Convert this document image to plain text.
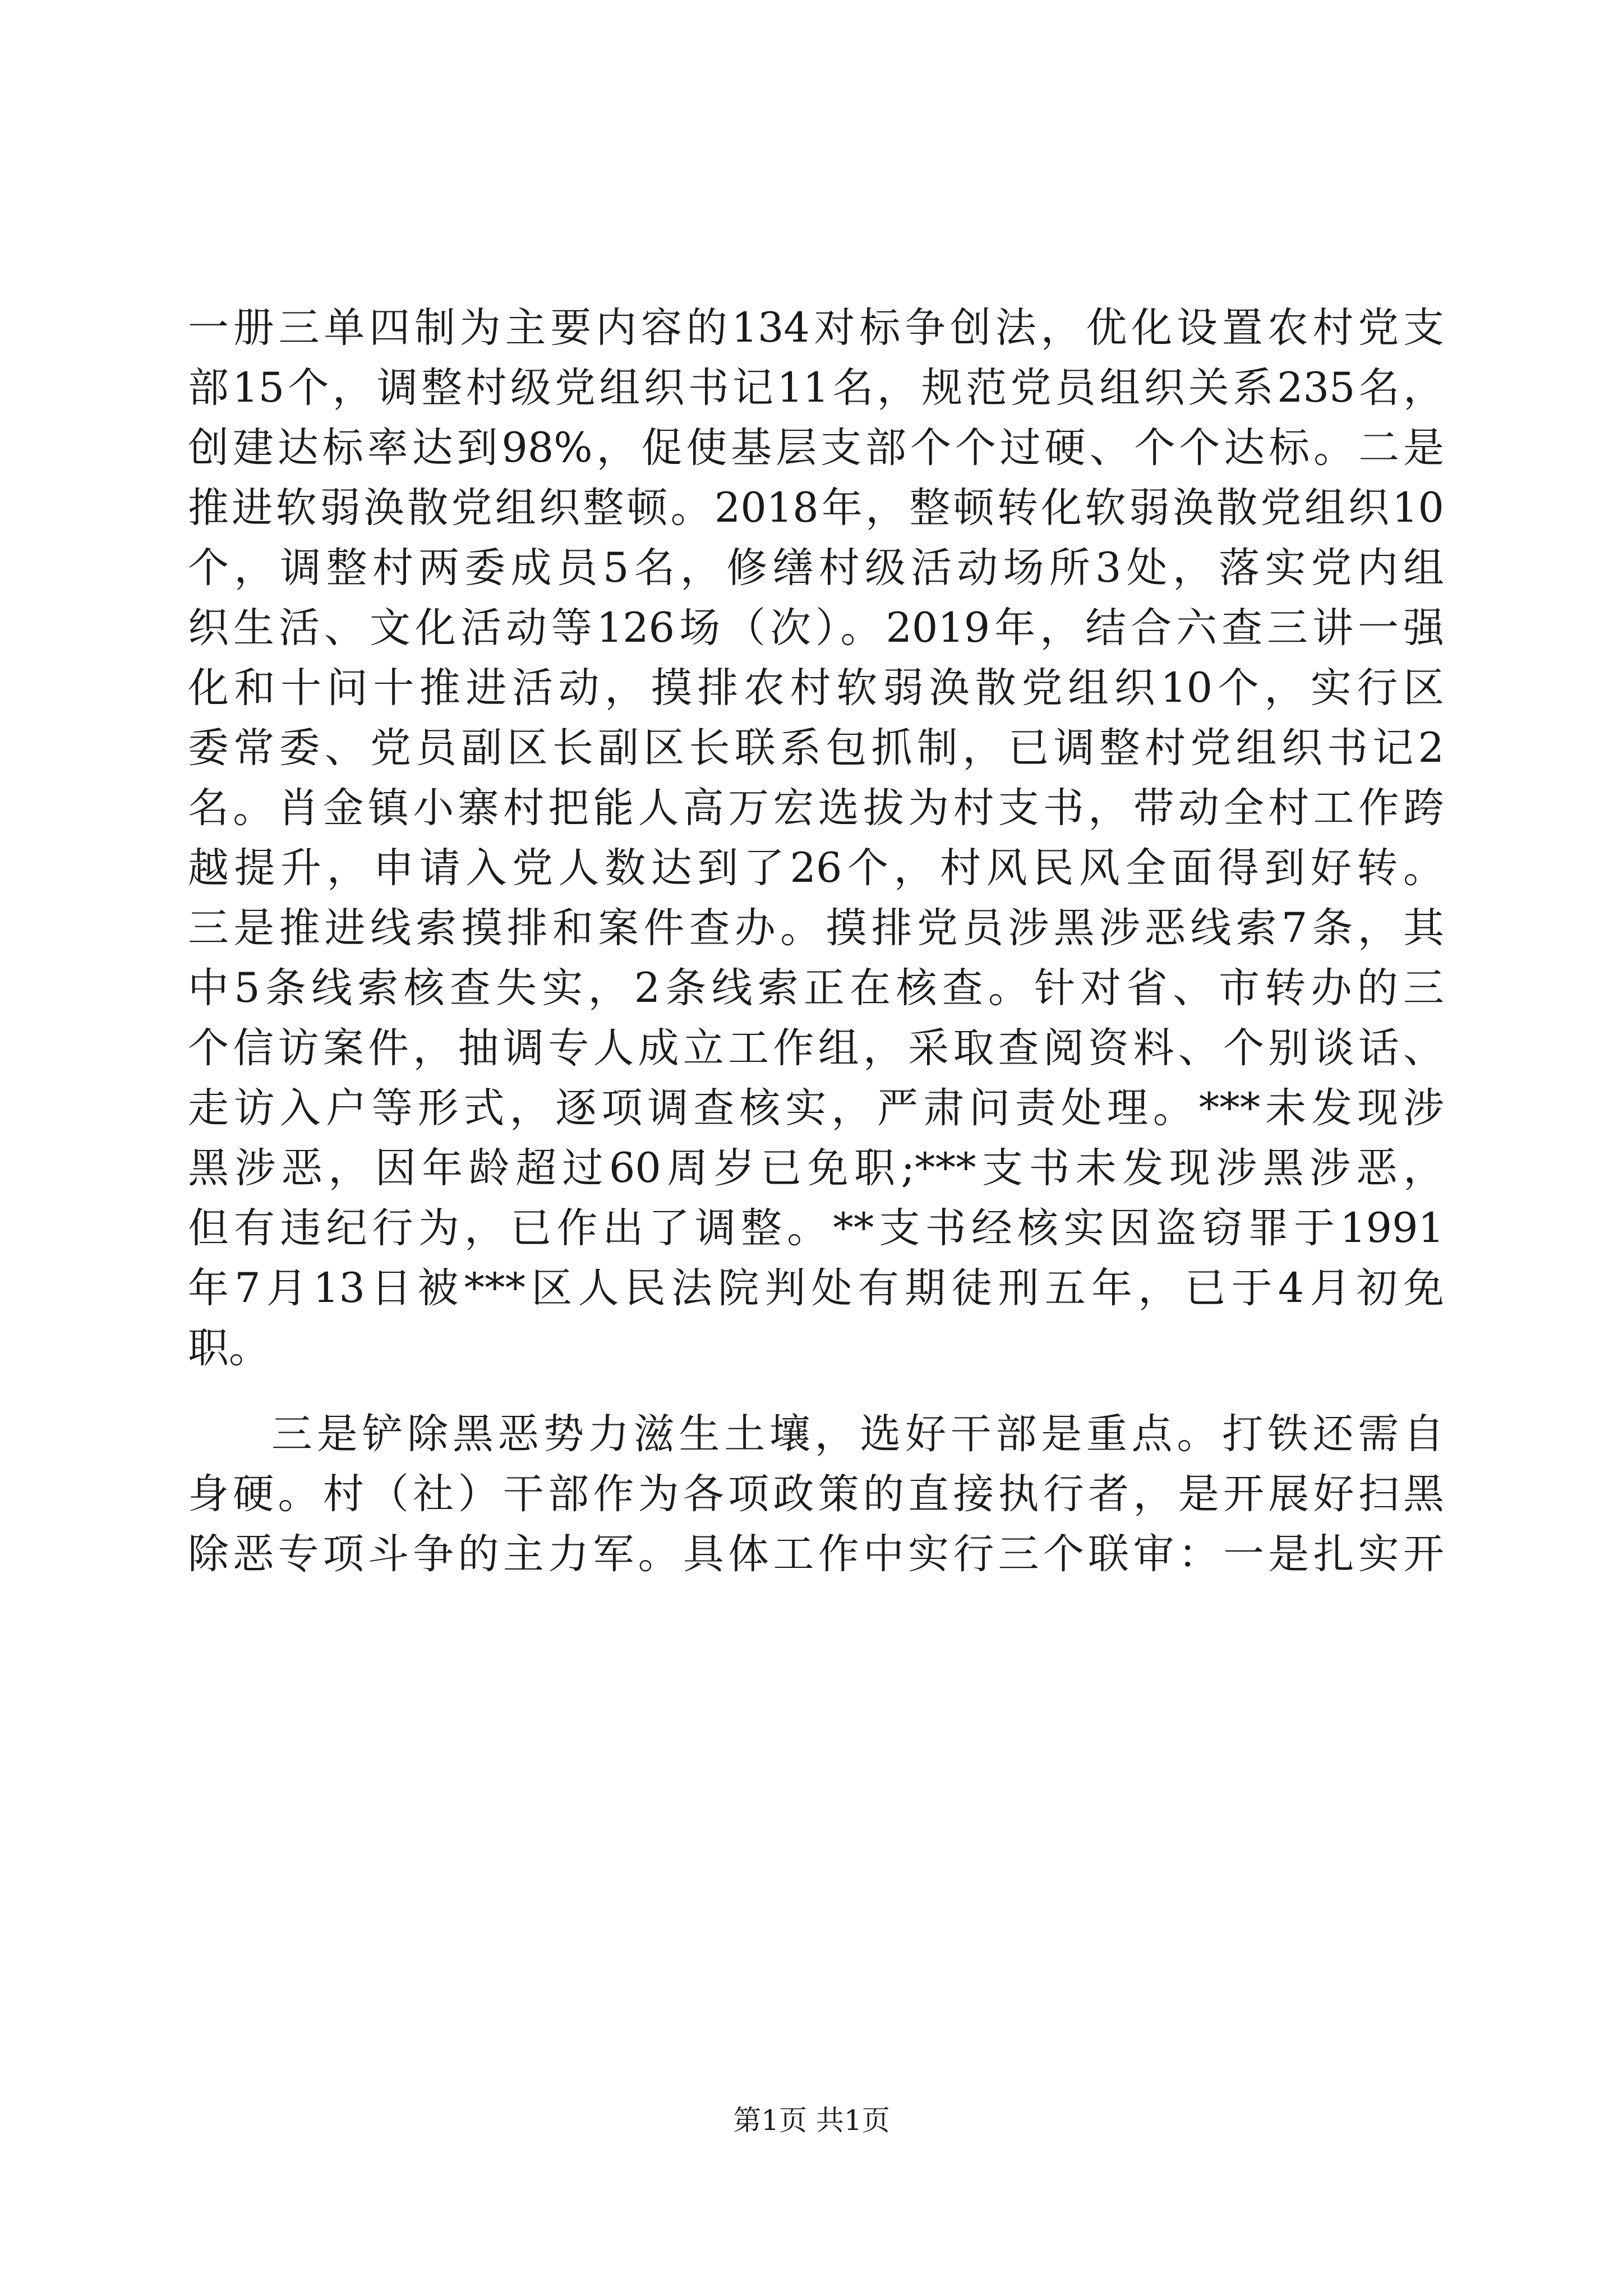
一册三单四制为主要内容的134对标争创法，优化设置农村党支
部15个，调整村级党组织书记11名，规范党员组织关系235名，
创建达标率达到98%，促使基层支部个个过硬、个个达标。二是
推进软弱涣散党组织整顿。2018年，整顿转化软弱涣散党组织10
个，调整村两委成员5名，修缮村级活动场所3处，落实党内组
织生活、文化活动等126场（次）。2019年，结合六查三讲一强
化和十问十推进活动，摸排农村软弱涣散党组织10个，实行区
委常委、党员副区长副区长联系包抓制，已调整村党组织书记2
名。肖金镇小寨村把能人高万宏选拔为村支书，带动全村工作跨
越提升，申请入党人数达到了26个，村风民风全面得到好转。
三是推进线索摸排和案件查办。摸排党员涉黑涉恶线索7条，其
中5条线索核查失实，2条线索正在核查。针对省、市转办的三
个信访案件，抽调专人成立工作组，采取查阅资料、个别谈话、
走访入户等形式，逐项调查核实，严肃问责处理。***未发现涉
黑涉恶，因年龄超过60周岁已免职;***支书未发现涉黑涉恶，
但有违纪行为，已作出了调整。**支书经核实因盗窃罪于1991
年7月13日被***区人民法院判处有期徒刑五年，已于4月初免
职。
三是铲除黑恶势力滋生土壤，选好干部是重点。打铁还需自
身硬。村（社）干部作为各项政策的直接执行者，是开展好扫黑
除恶专项斗争的主力军。具体工作中实行三个联审：一是扎实开
第1页 共1页
